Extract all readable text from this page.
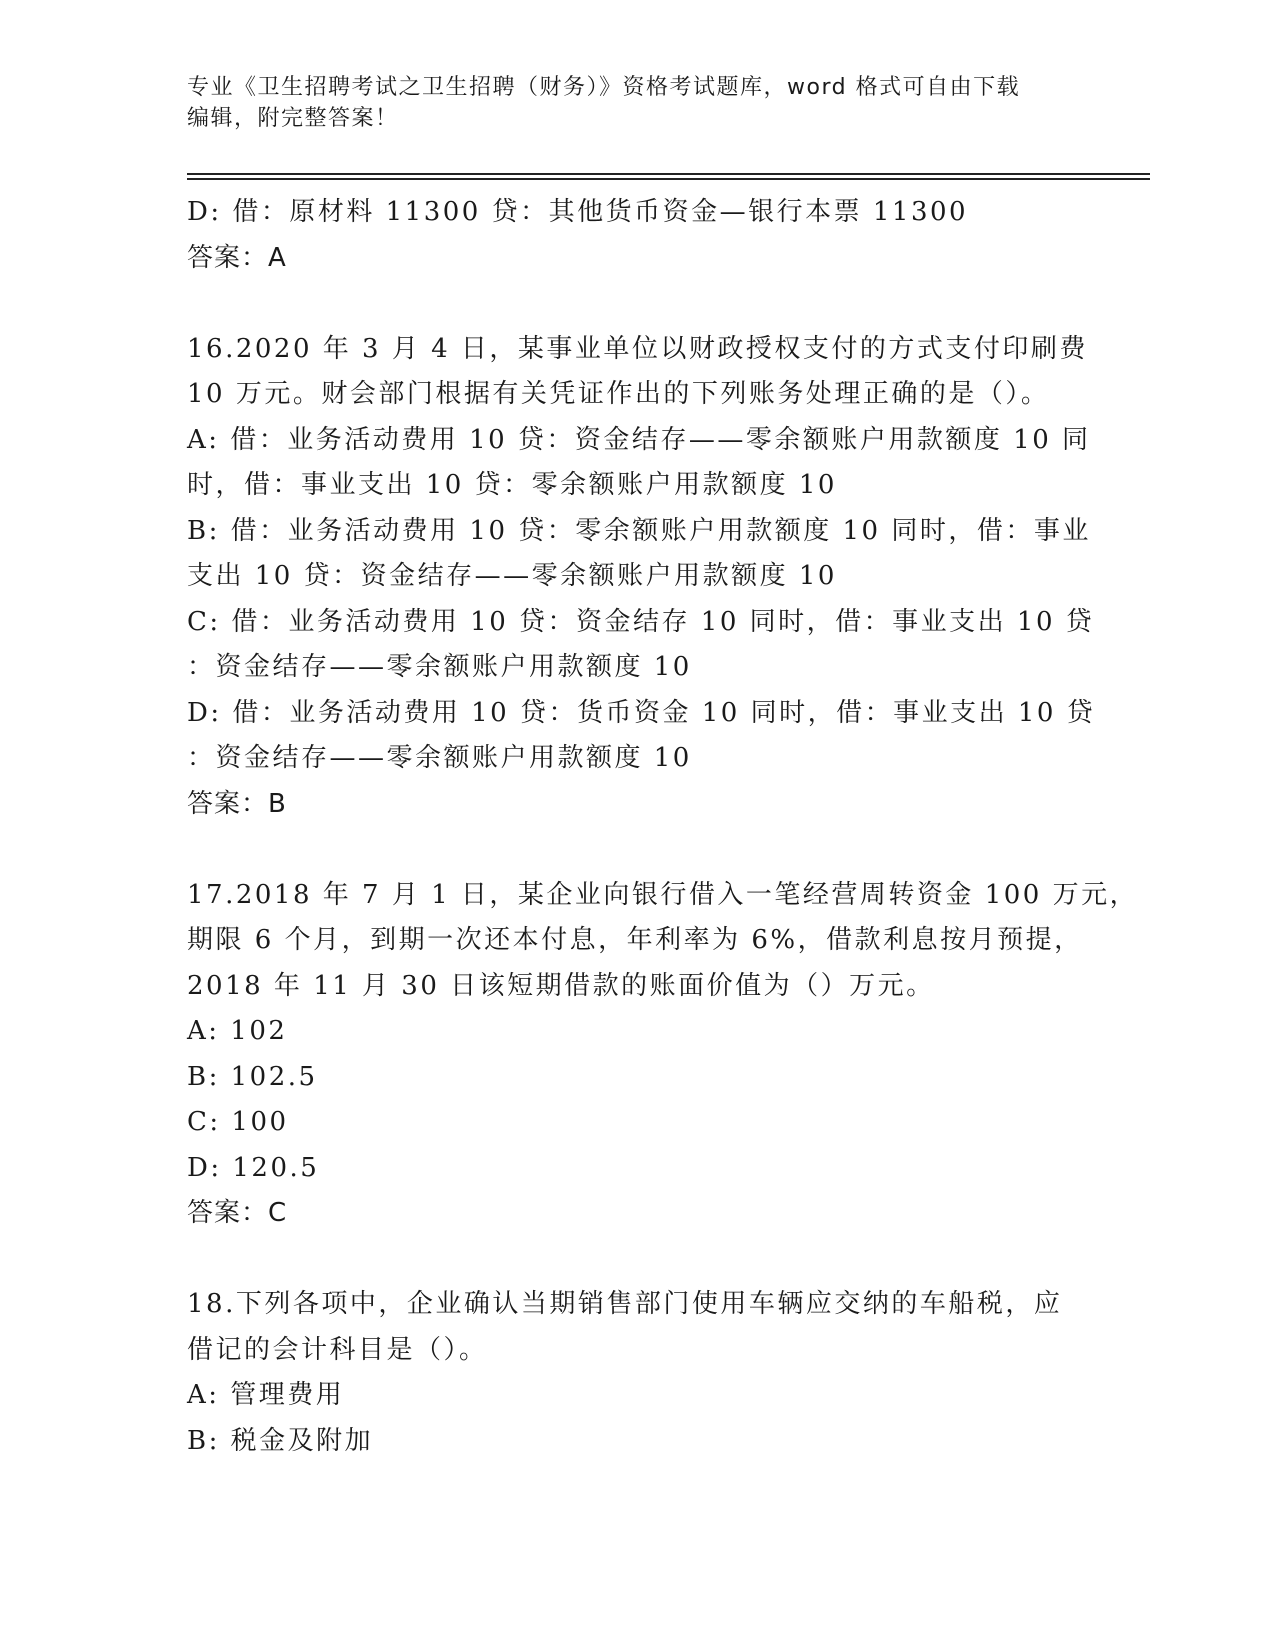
专业《卫生招聘考试之卫生招聘（财务）》资格考试题库，word 格式可自由下载
编辑，附完整答案！
D: 借：原材料 11300 贷：其他货币资金—银行本票 11300
答案：A
16.2020 年 3 月 4 日，某事业单位以财政授权支付的方式支付印刷费
10 万元。财会部门根据有关凭证作出的下列账务处理正确的是（）。
A: 借：业务活动费用 10 贷：资金结存——零余额账户用款额度 10 同
时，借：事业支出 10 贷：零余额账户用款额度 10
B: 借：业务活动费用 10 贷：零余额账户用款额度 10 同时，借：事业
支出 10 贷：资金结存——零余额账户用款额度 10
C: 借：业务活动费用 10 贷：资金结存 10 同时，借：事业支出 10 贷
：资金结存——零余额账户用款额度 10
D: 借：业务活动费用 10 贷：货币资金 10 同时，借：事业支出 10 贷
：资金结存——零余额账户用款额度 10
答案：B
17.2018 年 7 月 1 日，某企业向银行借入一笔经营周转资金 100 万元，
期限 6 个月，到期一次还本付息，年利率为 6%，借款利息按月预提，
2018 年 11 月 30 日该短期借款的账面价值为（）万元。
A: 102
B: 102.5
C: 100
D: 120.5
答案：C
18.下列各项中，企业确认当期销售部门使用车辆应交纳的车船税，应
借记的会计科目是（）。
A: 管理费用
B: 税金及附加
